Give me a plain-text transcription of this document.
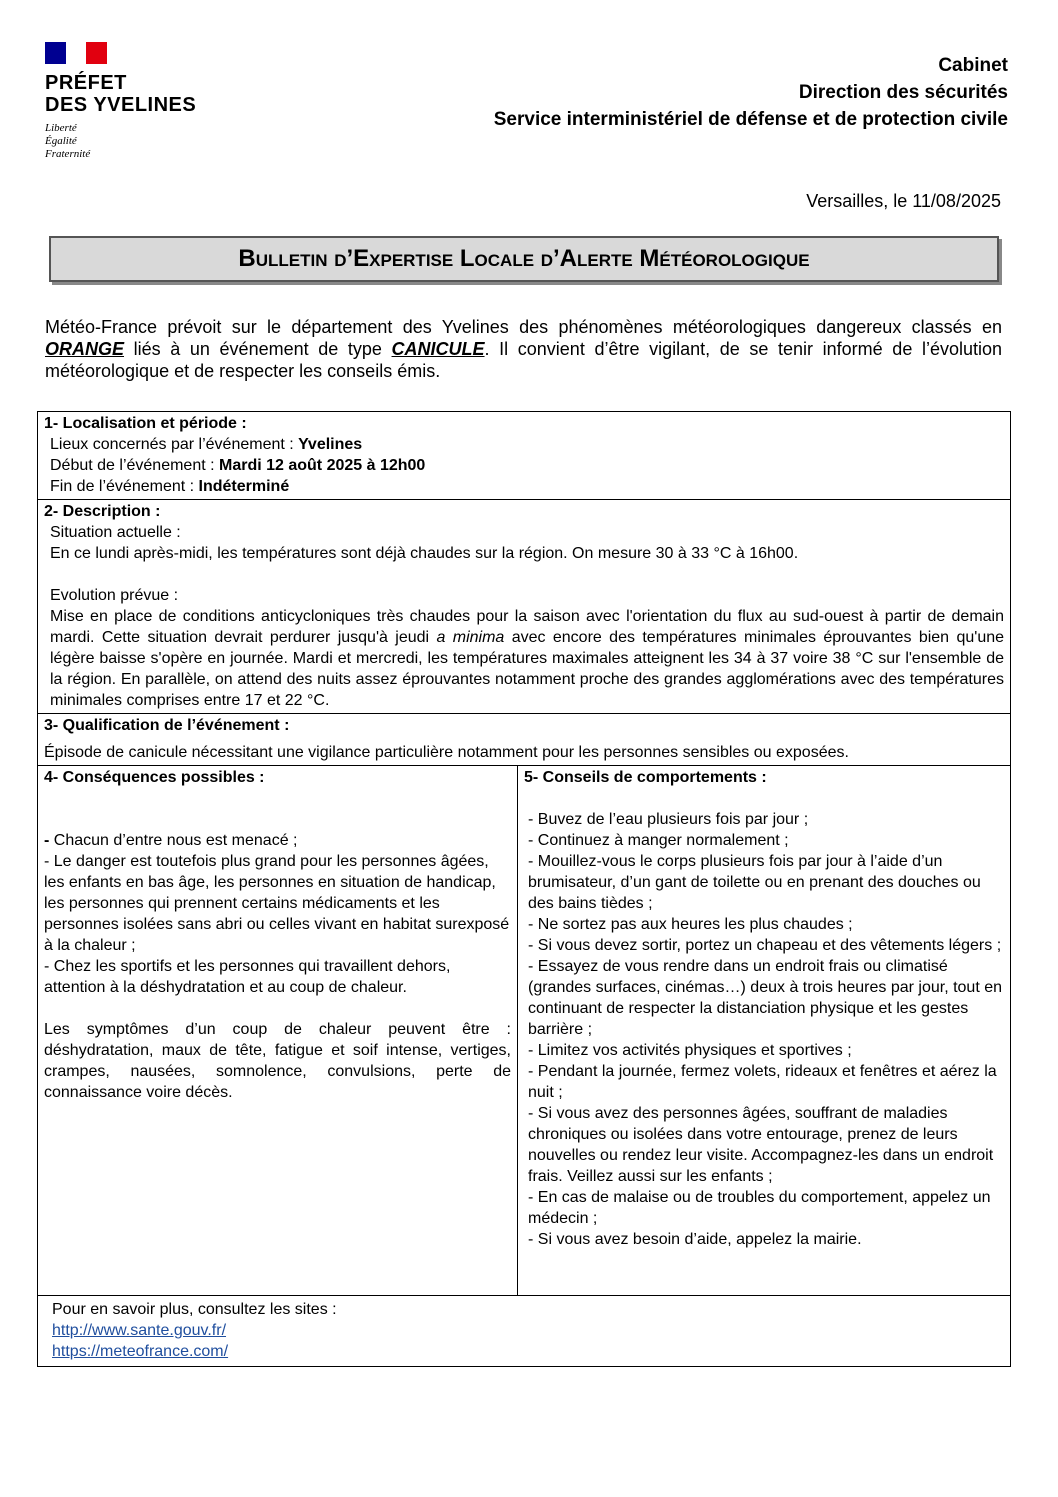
PRÉFET
DES YVELINES
Liberté
Égalité
Fraternité
Cabinet
Direction des sécurités
Service interministériel de défense et de protection civile
Versailles, le 11/08/2025
Bulletin d’Expertise Locale d’Alerte Météorologique
Météo-France prévoit sur le département des Yvelines des phénomènes météorologiques dangereux classés en ORANGE liés à un événement de type CANICULE. Il convient d’être vigilant, de se tenir informé de l’évolution météorologique et de respecter les conseils émis.
1- Localisation et période :
Lieux concernés par l’événement : Yvelines
Début de l’événement : Mardi 12 août 2025 à 12h00
Fin de l’événement : Indéterminé
2- Description :
Situation actuelle :
En ce lundi après-midi, les températures sont déjà chaudes sur la région. On mesure 30 à 33 °C à 16h00.
Evolution prévue :
Mise en place de conditions anticycloniques très chaudes pour la saison avec l'orientation du flux au sud-ouest à partir de demain mardi. Cette situation devrait perdurer jusqu'à jeudi a minima avec encore des températures minimales éprouvantes bien qu'une légère baisse s'opère en journée. Mardi et mercredi, les températures maximales atteignent les 34 à 37 voire 38 °C sur l'ensemble de la région. En parallèle, on attend des nuits assez éprouvantes notamment proche des grandes agglomérations avec des températures minimales comprises entre 17 et 22 °C.
3- Qualification de l’événement :
Épisode de canicule nécessitant une vigilance particulière notamment pour les personnes sensibles ou exposées.
4- Conséquences possibles :
- Chacun d’entre nous est menacé ;
- Le danger est toutefois plus grand pour les personnes âgées, les enfants en bas âge, les personnes en situation de handicap, les personnes qui prennent certains médicaments et les personnes isolées sans abri ou celles vivant en habitat surexposé à la chaleur ;
- Chez les sportifs et les personnes qui travaillent dehors, attention à la déshydratation et au coup de chaleur.
Les symptômes d’un coup de chaleur peuvent être : déshydratation, maux de tête, fatigue et soif intense, vertiges, crampes, nausées, somnolence, convulsions, perte de connaissance voire décès.
5- Conseils de comportements :
- Buvez de l’eau plusieurs fois par jour ;
- Continuez à manger normalement ;
- Mouillez-vous le corps plusieurs fois par jour à l’aide d’un brumisateur, d’un gant de toilette ou en prenant des douches ou des bains tièdes ;
- Ne sortez pas aux heures les plus chaudes ;
- Si vous devez sortir, portez un chapeau et des vêtements légers ;
- Essayez de vous rendre dans un endroit frais ou climatisé (grandes surfaces, cinémas…) deux à trois heures par jour, tout en continuant de respecter la distanciation physique et les gestes barrière ;
- Limitez vos activités physiques et sportives ;
- Pendant la journée, fermez volets, rideaux et fenêtres et aérez la nuit ;
- Si vous avez des personnes âgées, souffrant de maladies chroniques ou isolées dans votre entourage, prenez de leurs nouvelles ou rendez leur visite. Accompagnez-les dans un endroit frais. Veillez aussi sur les enfants ;
- En cas de malaise ou de troubles du comportement, appelez un médecin ;
- Si vous avez besoin d’aide, appelez la mairie.
Pour en savoir plus, consultez les sites :
http://www.sante.gouv.fr/
https://meteofrance.com/
